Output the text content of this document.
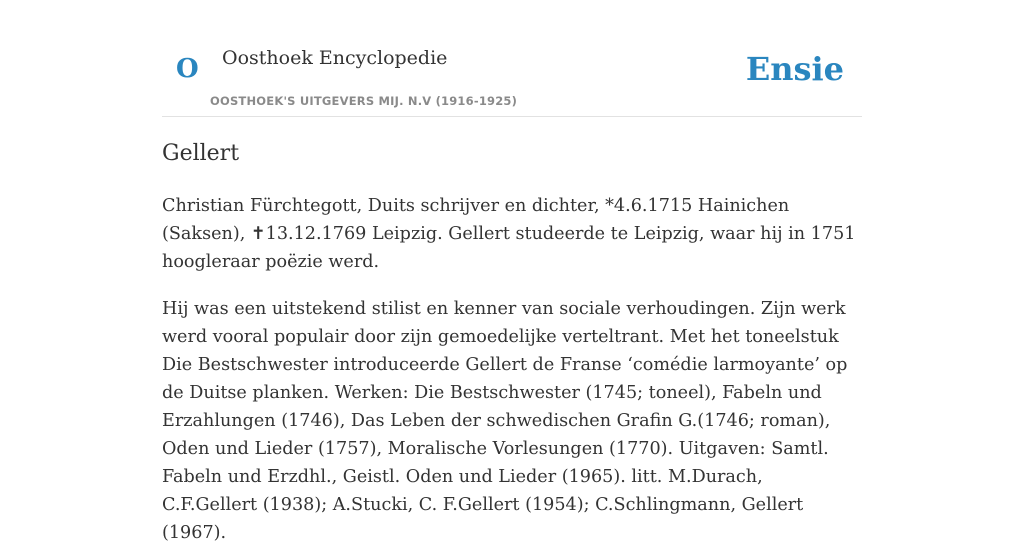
O Oosthoek Encyclopedie
OOSTHOEK'S UITGEVERS MIJ. N.V (1916-1925)
Ensie
Gellert

Christian Fürchtegott, Duits schrijver en dichter, *4.6.1715 Hainichen (Saksen), ✝13.12.1769 Leipzig. Gellert studeerde te Leipzig, waar hij in 1751 hoogleraar poëzie werd.

Hij was een uitstekend stilist en kenner van sociale verhoudingen. Zijn werk werd vooral populair door zijn gemoedelijke verteltrant. Met het toneelstuk Die Bestschwester introduceerde Gellert de Franse ‘comédie larmoyante’ op de Duitse planken. Werken: Die Bestschwester (1745; toneel), Fabeln und Erzahlungen (1746), Das Leben der schwedischen Grafin G.(1746; roman), Oden und Lieder (1757), Moralische Vorlesungen (1770). Uitgaven: Samtl. Fabeln und Erzdhl., Geistl. Oden und Lieder (1965). litt. M.Durach, C.F.Gellert (1938); A.Stucki, C. F.Gellert (1954); C.Schlingmann, Gellert (1967).
